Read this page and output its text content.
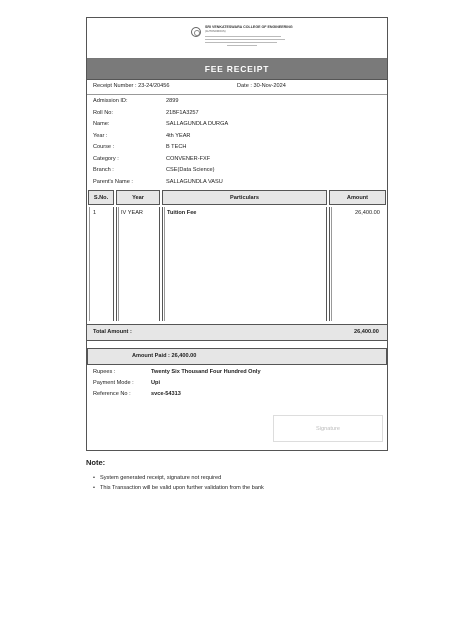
SRI VENKATESWARA COLLEGE OF ENGINEERING
(AUTONOMOUS)
FEE RECEIPT
Receipt Number : 23-24/20456	Date : 30-Nov-2024
Admission ID:	2899
Roll No:	21BF1A3257
Name:	SALLAGUNDLA DURGA
Year :	4th YEAR
Course :	B TECH
Category :	CONVENER-FXF
Branch :	CSE(Data Science)
Parent's Name :	SALLAGUNDLA VASU
S.No.	Year	Particulars	Amount
1	IV YEAR	Tuition Fee	26,400.00
Total Amount :	26,400.00
Amount Paid : 26,400.00
Rupees :	Twenty Six Thousand Four Hundred Only
Payment Mode :	Upi
Reference No :	svce-54313
Signature
Note:
• System generated receipt, signature not required
• This Transaction will be valid upon further validation from the bank
